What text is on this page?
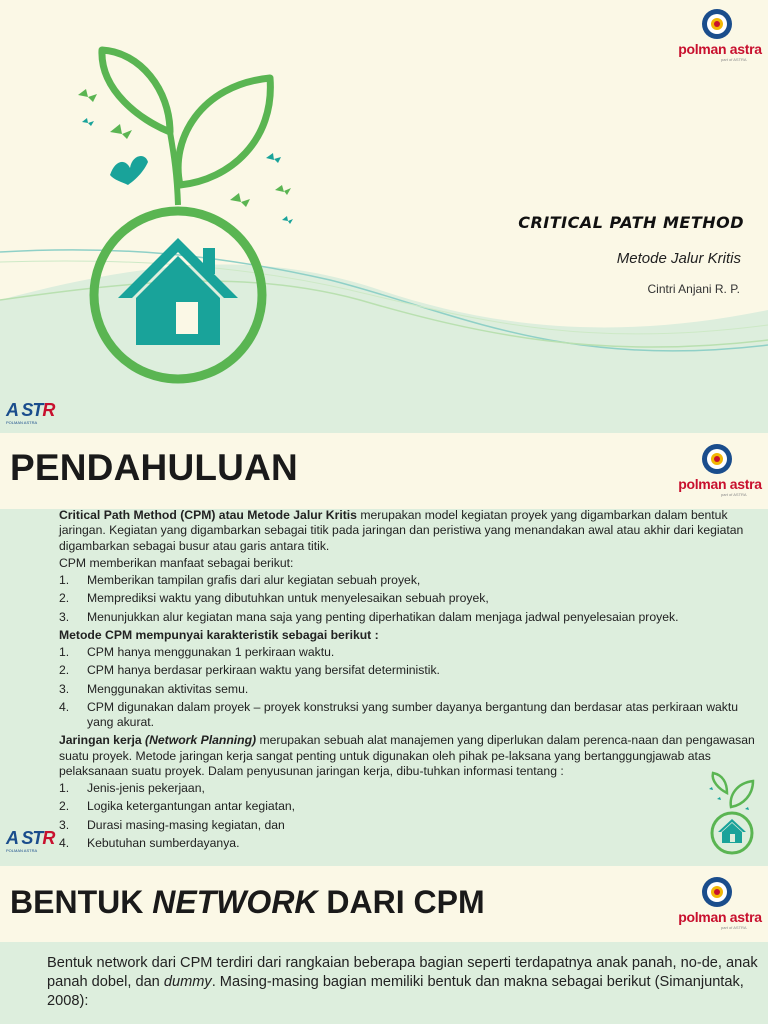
polman astra
part of ASTRA
CRITICAL PATH METHOD
Metode Jalur Kritis
Cintri Anjani R. P.
A STR
POLMAN ASTRA
PENDAHULUAN	polman astra
part of ASTRA

Critical Path Method (CPM) atau Metode Jalur Kritis merupakan model kegiatan proyek yang digambarkan dalam bentuk jaringan. Kegiatan yang digambarkan sebagai titik pada jaringan dan peristiwa yang menandakan awal atau akhir dari kegiatan digambarkan sebagai busur atau garis antara titik.

CPM memberikan manfaat sebagai berikut:

1. Memberikan tampilan grafis dari alur kegiatan sebuah proyek,
2. Memprediksi waktu yang dibutuhkan untuk menyelesaikan sebuah proyek,
3. Menunjukkan alur kegiatan mana saja yang penting diperhatikan dalam menjaga jadwal penyelesaian proyek.

Metode CPM mempunyai karakteristik sebagai berikut :

1. CPM hanya menggunakan 1 perkiraan waktu.
2. CPM hanya berdasar perkiraan waktu yang bersifat deterministik.
3. Menggunakan aktivitas semu.
4. CPM digunakan dalam proyek – proyek konstruksi yang sumber dayanya bergantung dan berdasar atas perkiraan waktu yang akurat.

Jaringan kerja (Network Planning) merupakan sebuah alat manajemen yang diperlukan dalam perenca-naan dan pengawasan suatu proyek. Metode jaringan kerja sangat penting untuk digunakan oleh pihak pe-laksana yang bertanggungjawab atas pelaksanaan suatu proyek. Dalam penyusunan jaringan kerja, dibu-tuhkan informasi tentang :

1. Jenis-jenis pekerjaan,
2. Logika ketergantungan antar kegiatan,
3. Durasi masing-masing kegiatan, dan
4. Kebutuhan sumberdayanya.
A STR
POLMAN ASTRA
BENTUK NETWORK DARI CPM	polman astra
part of ASTRA

Bentuk network dari CPM terdiri dari rangkaian beberapa bagian seperti terdapatnya anak panah, no-de, anak panah dobel, dan dummy. Masing-masing bagian memiliki bentuk dan makna sebagai berikut (Simanjuntak, 2008):
